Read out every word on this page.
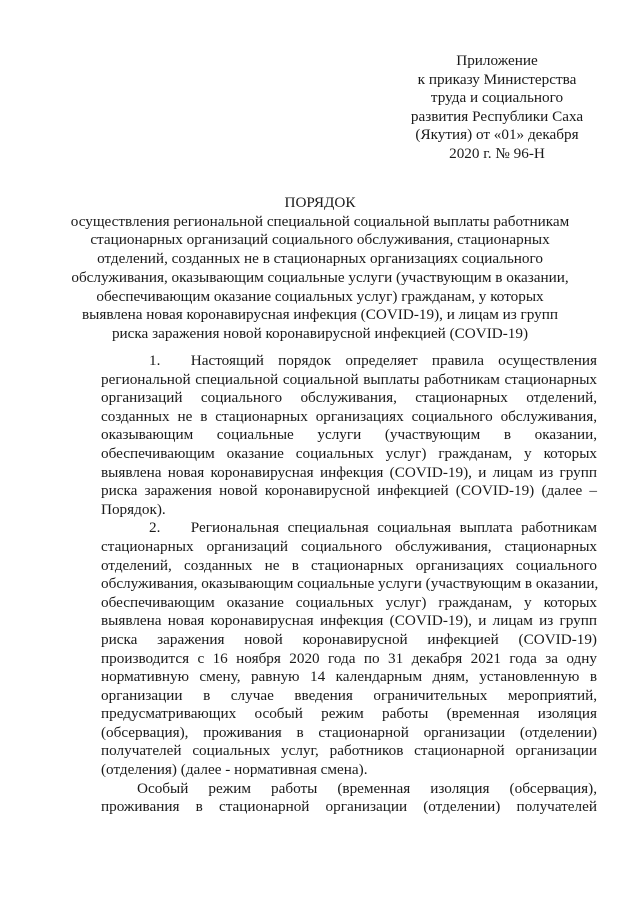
Приложение
к приказу Министерства
труда и социального
развития Республики Саха
(Якутия) от «01» декабря
2020 г. № 96-Н
ПОРЯДОК
осуществления региональной специальной социальной выплаты работникам
стационарных организаций социального обслуживания, стационарных
отделений, созданных не в стационарных организациях социального
обслуживания, оказывающим социальные услуги (участвующим в оказании,
обеспечивающим оказание социальных услуг) гражданам, у которых
выявлена новая коронавирусная инфекция (COVID-19), и лицам из групп
риска заражения новой коронавирусной инфекцией (COVID-19)
1.  Настоящий порядок определяет правила осуществления
региональной специальной социальной выплаты работникам стационарных
организаций социального обслуживания, стационарных отделений,
созданных не в стационарных организациях социального обслуживания,
оказывающим социальные услуги (участвующим в оказании,
обеспечивающим оказание социальных услуг) гражданам, у которых
выявлена новая коронавирусная инфекция (COVID-19), и лицам из групп
риска заражения новой коронавирусной инфекцией (COVID-19) (далее –
Порядок).
2.  Региональная специальная социальная выплата работникам
стационарных организаций социального обслуживания, стационарных
отделений, созданных не в стационарных организациях социального
обслуживания, оказывающим социальные услуги (участвующим в оказании,
обеспечивающим оказание социальных услуг) гражданам, у которых
выявлена новая коронавирусная инфекция (COVID-19), и лицам из групп
риска заражения новой коронавирусной инфекцией (COVID-19)
производится с 16 ноября 2020 года по 31 декабря 2021 года за одну
нормативную смену, равную 14 календарным дням, установленную в
организации в случае введения ограничительных мероприятий,
предусматривающих особый режим работы (временная изоляция
(обсервация), проживания в стационарной организации (отделении)
получателей социальных услуг, работников стационарной организации
(отделения) (далее - нормативная смена).
Особый режим работы (временная изоляция (обсервация),
проживания в стационарной организации (отделении) получателей
